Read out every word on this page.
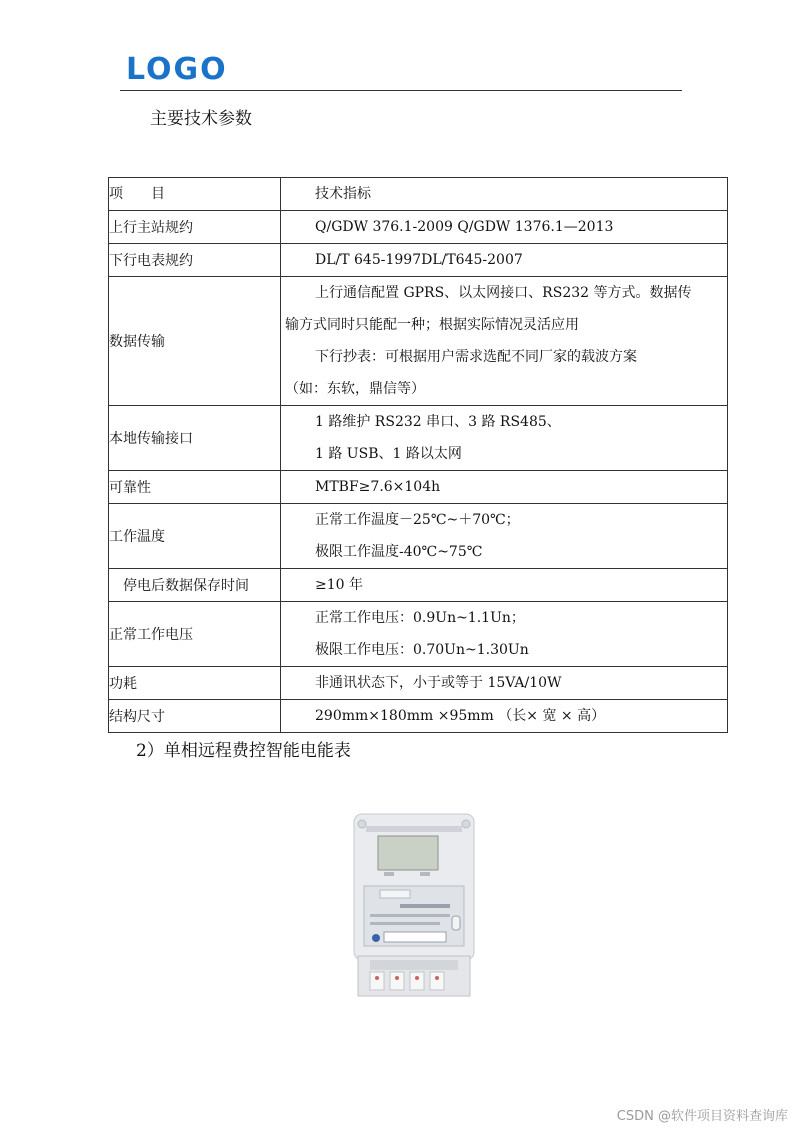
LOGO
主要技术参数
项　　目	技术指标

上行主站规约	Q/GDW 376.1-2009 Q/GDW 1376.1—2013

下行电表规约	DL/T 645-1997DL/T645-2007

数据传输	上行通信配置 GPRS、以太网接口、RS232 等方式。数据传
输方式同时只能配一种；根据实际情况灵活应用
下行抄表：可根据用户需求选配不同厂家的载波方案
（如：东软，鼎信等）

本地传输接口	1 路维护 RS232 串口、3 路 RS485、
1 路 USB、1 路以太网

可靠性	MTBF≥7.6×104h

工作温度	正常工作温度－25℃~＋70℃；
极限工作温度-40℃~75℃

停电后数据保存时间	≥10 年

正常工作电压	正常工作电压：0.9Un~1.1Un；
极限工作电压：0.70Un~1.30Un

功耗	非通讯状态下，小于或等于 15VA/10W

结构尺寸	290mm×180mm ×95mm （长× 宽 × 高）
2）单相远程费控智能电能表
CSDN @软件项目资料查询库
